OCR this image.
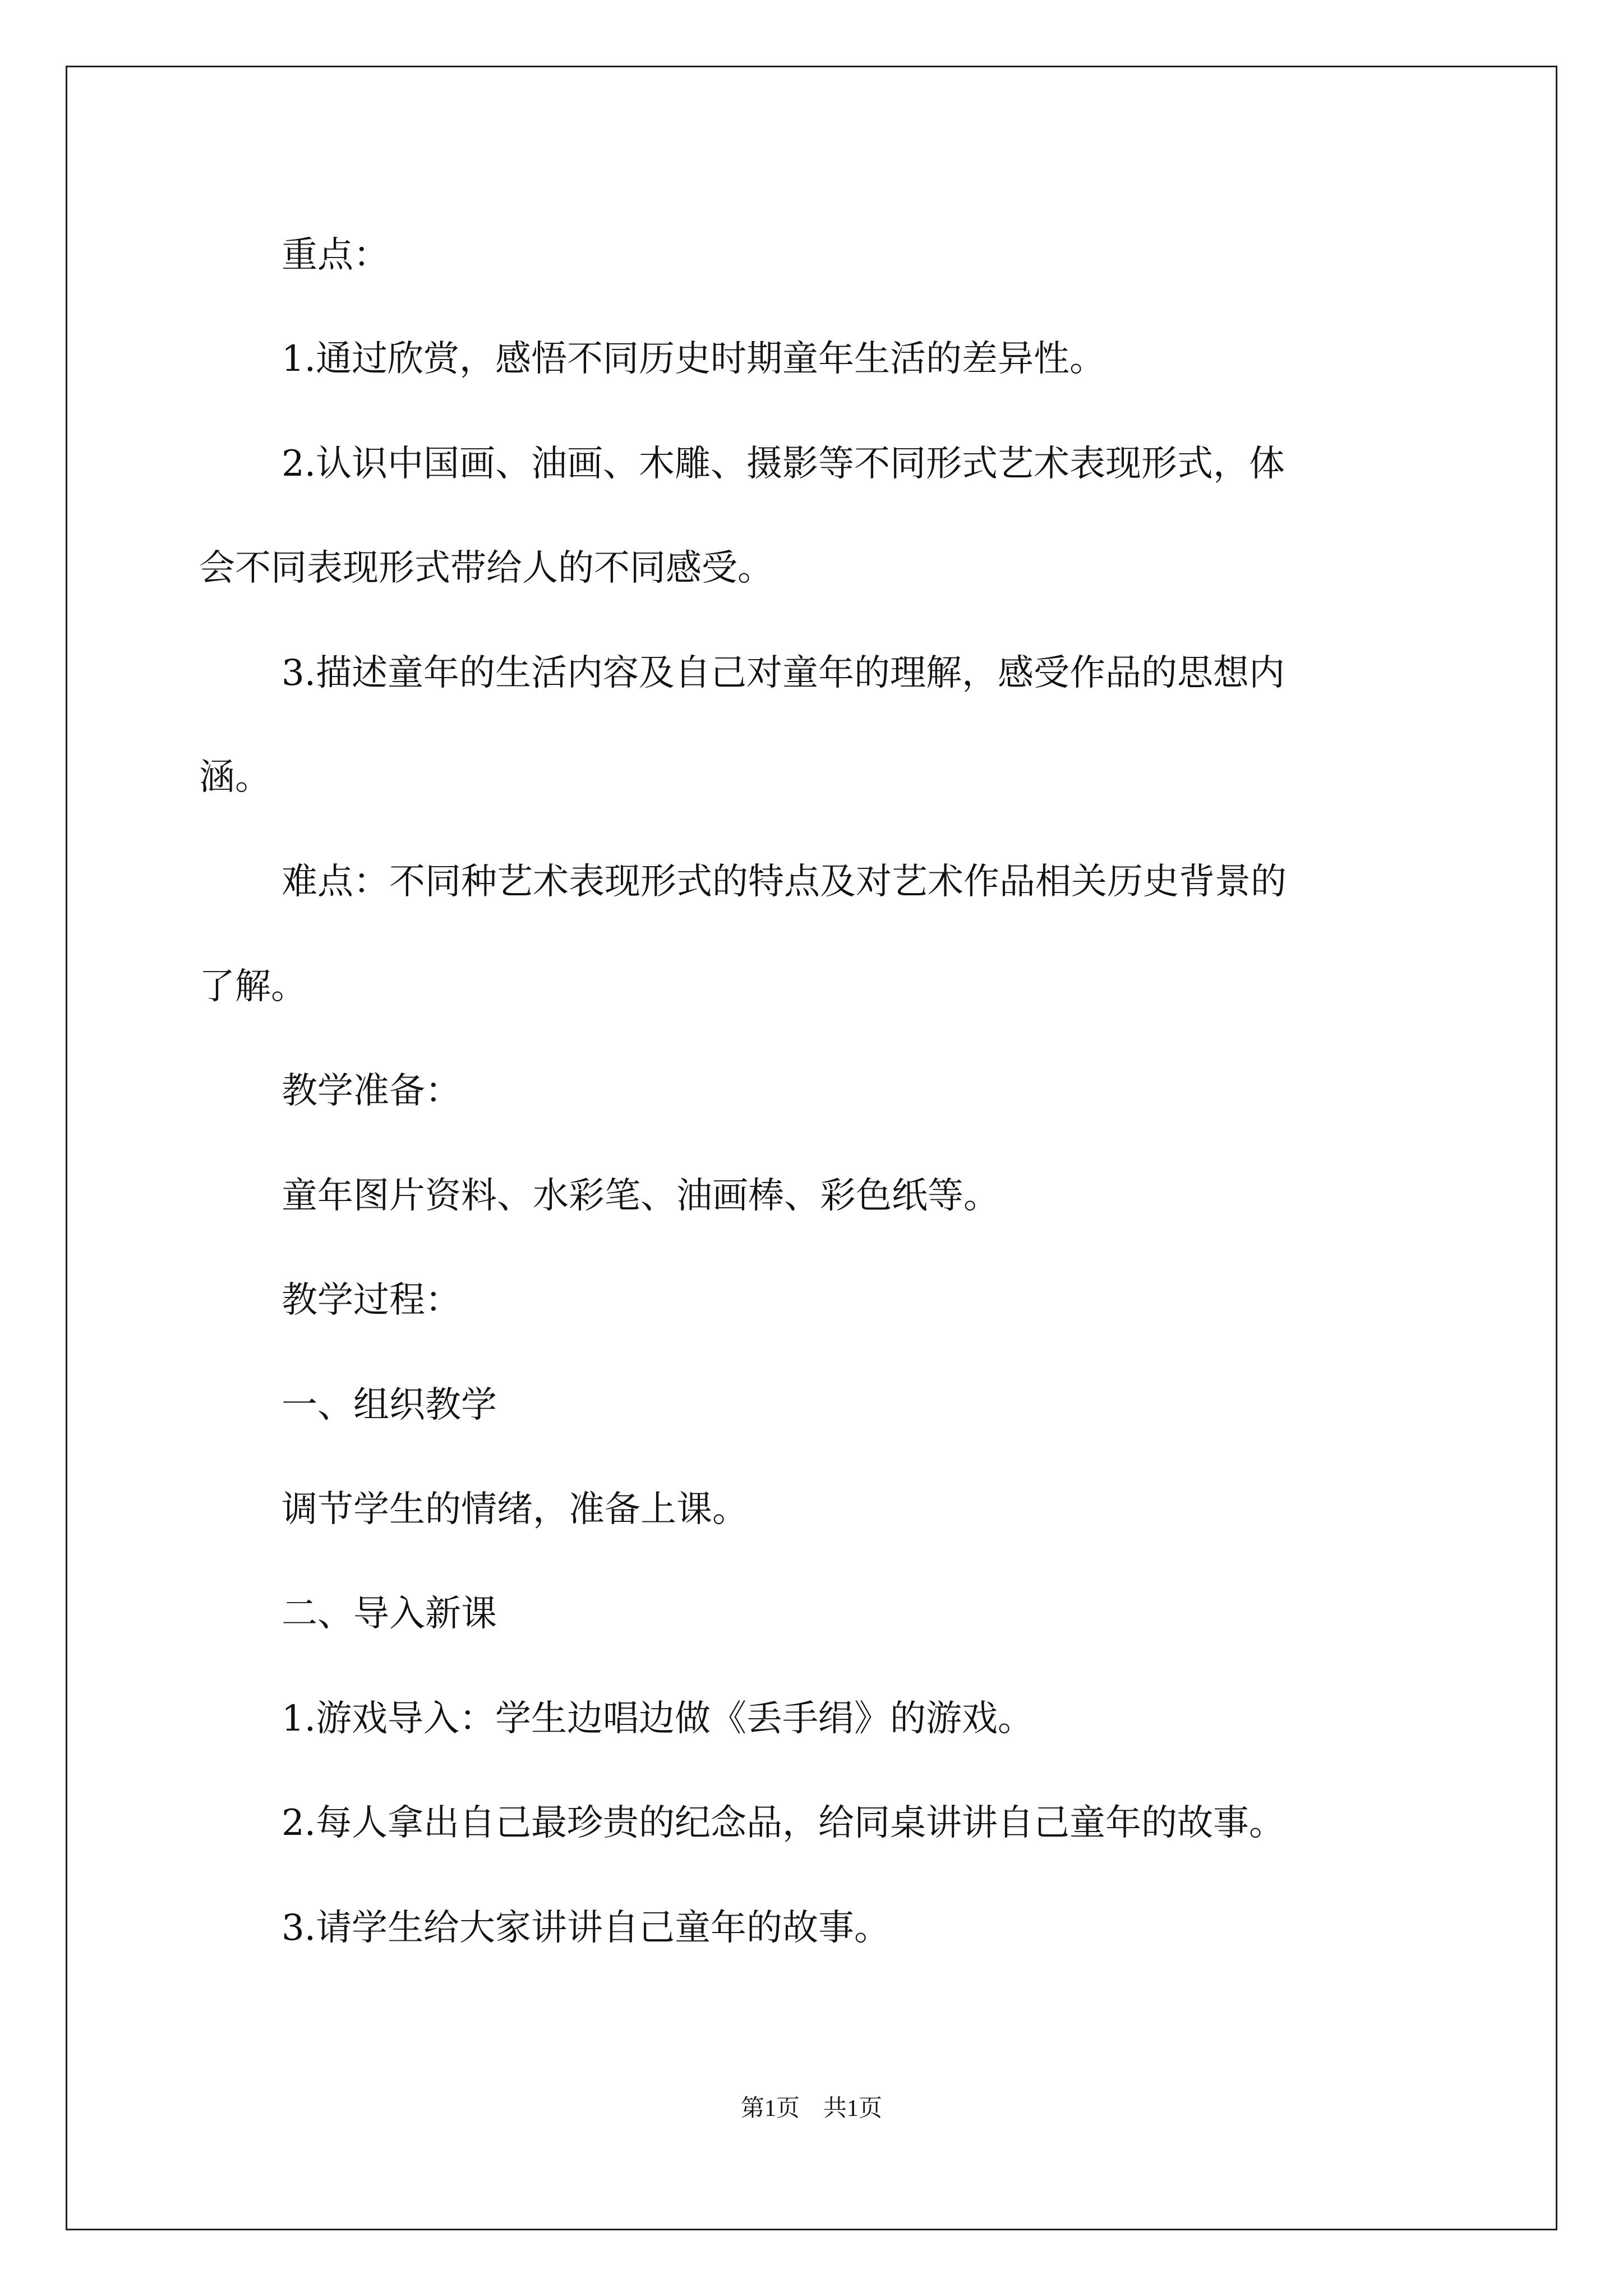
重点：
1.通过欣赏，感悟不同历史时期童年生活的差异性。
2.认识中国画、油画、木雕、摄影等不同形式艺术表现形式，体
会不同表现形式带给人的不同感受。
3.描述童年的生活内容及自己对童年的理解，感受作品的思想内
涵。
难点：不同种艺术表现形式的特点及对艺术作品相关历史背景的
了解。
教学准备：
童年图片资料、水彩笔、油画棒、彩色纸等。
教学过程：
一、组织教学
调节学生的情绪，准备上课。
二、导入新课
1.游戏导入：学生边唱边做《丢手绢》的游戏。
2.每人拿出自己最珍贵的纪念品，给同桌讲讲自己童年的故事。
3.请学生给大家讲讲自己童年的故事。
第1页　共1页
